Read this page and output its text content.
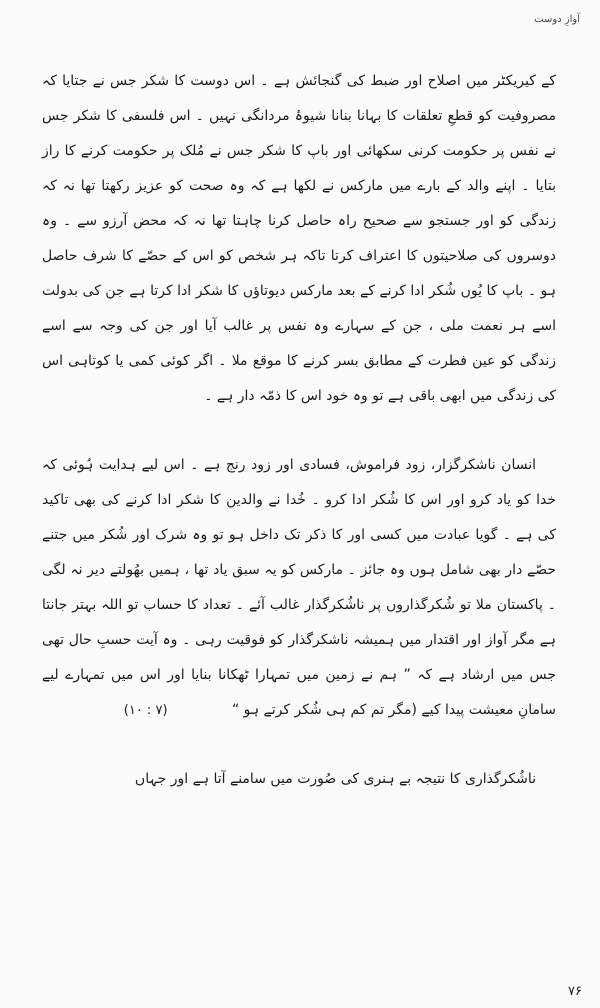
آوازِ دوست

کے کیریکٹر میں اصلاح اور ضبط کی گنجائش ہے ۔ اس دوست کا شکر جس نے جتایا کہ مصروفیت کو قطعِ تعلقات کا بہانا بنانا شیوۂ مردانگی نہیں ۔ اس فلسفی کا شکر جس نے نفس پر حکومت کرنی سکھائی اور باپ کا شکر جس نے مُلک پر حکومت کرنے کا راز بتایا ۔ اپنے والد کے بارے میں مارکس نے لکھا ہے کہ وہ صحت کو عزیز رکھتا تھا نہ کہ زندگی کو اور جستجو سے صحیح راہ حاصل کرنا چاہتا تھا نہ کہ محض آرزو سے ۔ وہ دوسروں کی صلاحیتوں کا اعتراف کرتا تاکہ ہر شخص کو اس کے حصّے کا شرف حاصل ہو ۔ باپ کا یُوں شُکر ادا کرنے کے بعد مارکس دیوتاؤں کا شکر ادا کرتا ہے جن کی بدولت اسے ہر نعمت ملی ، جن کے سہارے وہ نفس پر غالب آیا اور جن کی وجہ سے اسے زندگی کو عین فطرت کے مطابق بسر کرنے کا موقع ملا ۔ اگر کوئی کمی یا کوتاہی اس کی زندگی میں ابھی باقی ہے تو وہ خود اس کا ذمّہ دار ہے ۔

انسان ناشکرگزار، زود فراموش، فسادی اور زود رنج ہے ۔ اس لیے ہدایت ہُوئی کہ خدا کو یاد کرو اور اس کا شُکر ادا کرو ۔ خُدا نے والدین کا شکر ادا کرنے کی بھی تاکید کی ہے ۔ گویا عبادت میں کسی اور کا ذکر تک داخل ہو تو وہ شرک اور شُکر میں جتنے حصّے دار بھی شامل ہوں وہ جائز ۔ مارکس کو یہ سبق یاد تھا ، ہمیں بھُولتے دیر نہ لگی ۔ پاکستان ملا تو شُکرگذاروں پر ناشُکرگذار غالب آئے ۔ تعداد کا حساب تو اللہ بہتر جانتا ہے مگر آواز اور اقتدار میں ہمیشہ ناشکرگذار کو فوقیت رہی ۔ وہ آیت حسبِ حال تھی جس میں ارشاد ہے کہ ” ہم نے زمین میں تمہارا ٹھکانا بنایا اور اس میں تمہارے لیے سامانِ معیشت پیدا کیے (مگر تم کم ہی شُکر کرتے ہو “ (۷ : ۱۰)

ناشُکرگذاری کا نتیجہ بے ہنری کی صُورت میں سامنے آتا ہے اور جہاں

۷۶
